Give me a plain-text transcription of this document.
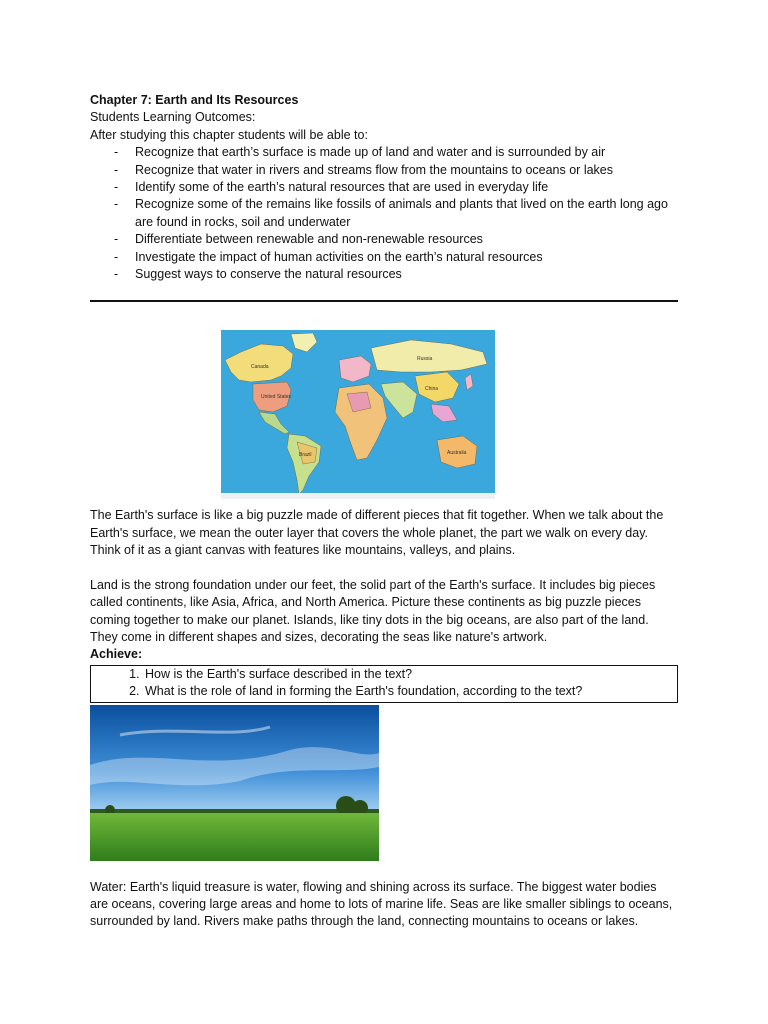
Chapter 7: Earth and Its Resources
Students Learning Outcomes:
After studying this chapter students will be able to:
- Recognize that earth’s surface is made up of land and water and is surrounded by air
- Recognize that water in rivers and streams flow from the mountains to oceans or lakes
- Identify some of the earth’s natural resources that are used in everyday life
- Recognize some of the remains like fossils of animals and plants that lived on the earth long ago are found in rocks, soil and underwater
- Differentiate between renewable and non-renewable resources
- Investigate the impact of human activities on the earth’s natural resources
- Suggest ways to conserve the natural resources
Canada
United States
Brazil
Russia
China
Australia
The Earth's surface is like a big puzzle made of different pieces that fit together. When we talk about the Earth's surface, we mean the outer layer that covers the whole planet, the part we walk on every day. Think of it as a giant canvas with features like mountains, valleys, and plains.
Land is the strong foundation under our feet, the solid part of the Earth's surface. It includes big pieces called continents, like Asia, Africa, and North America. Picture these continents as big puzzle pieces coming together to make our planet. Islands, like tiny dots in the big oceans, are also part of the land. They come in different shapes and sizes, decorating the seas like nature's artwork.
Achieve:
1. How is the Earth's surface described in the text?
2. What is the role of land in forming the Earth's foundation, according to the text?
Water: Earth's liquid treasure is water, flowing and shining across its surface. The biggest water bodies are oceans, covering large areas and home to lots of marine life. Seas are like smaller siblings to oceans, surrounded by land. Rivers make paths through the land, connecting mountains to oceans or lakes.
